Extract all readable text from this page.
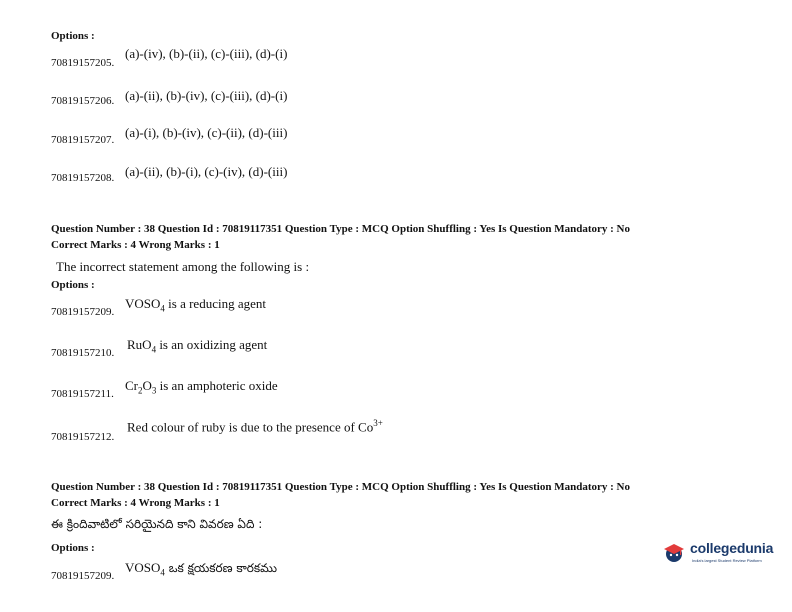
Options :
70819157205.
(a)-(iv), (b)-(ii), (c)-(iii), (d)-(i)
70819157206. (a)-(ii), (b)-(iv), (c)-(iii), (d)-(i)
70819157207. (a)-(i), (b)-(iv), (c)-(ii), (d)-(iii)
70819157208. (a)-(ii), (b)-(i), (c)-(iv), (d)-(iii)
Question Number : 38 Question Id : 70819117351 Question Type : MCQ Option Shuffling : Yes Is Question Mandatory : No
Correct Marks : 4 Wrong Marks : 1
The incorrect statement among the following is :
Options :
70819157209.
$VOSO_4$ is a reducing agent
70819157210.
RuO$_4$ is an oxidizing agent
70819157211.
$Cr_2O_3$ is an amphoteric oxide
70819157212.
Red colour of ruby is due to the presence of $Co^{3+}$
Question Number : 38 Question Id : 70819117351 Question Type : MCQ Option Shuffling : Yes Is Question Mandatory : No
Correct Marks : 4 Wrong Marks : 1
ఈ క్రిందివాటిలో సరియైనది కాని వివరణ ఏది :
Options :
70819157209.
$VOSO_4$ ఒక క్షయకరణ కారకము
collegedunia
India's largest Student Review Platform
